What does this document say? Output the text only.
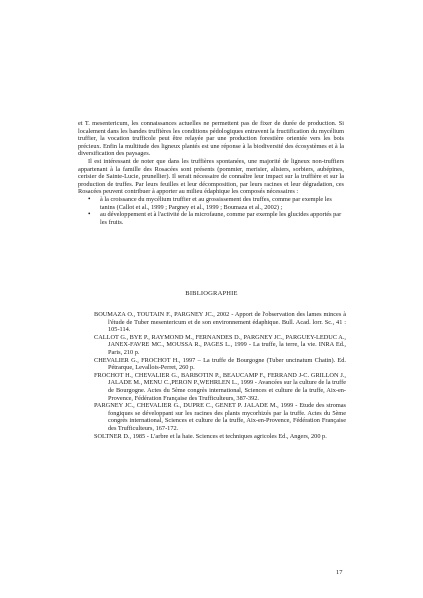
et T. mesentericum, les connaissances actuelles ne permettent pas de fixer de durée de production. Si localement dans les bandes truffières les conditions pédologiques entravent la fructification du mycélium truffier, la vocation trufficole peut être relayée par une production forestière orientée vers les bois précieux. Enfin la multitude des ligneux plantés est une réponse à la biodiversité des écosystèmes et à la diversification des paysages.

Il est intéressant de noter que dans les truffières spontanées, une majorité de ligneux non-truffiers appartenant à la famille des Rosacées sont présents (pommier, merisier, alisiers, sorbiers, aubépines, cerisier de Sainte-Lucie, prunellier). Il serait nécessaire de connaître leur impact sur la truffière et sur la production de truffes. Par leurs feuilles et leur décomposition, par leurs racines et leur dégradation, ces Rosacées peuvent contribuer à apporter au milieu édaphique les composés nécessaires :

• à la croissance du mycélium truffier et au grossissement des truffes, comme par exemple les tanins (Callot et al., 1999 ; Pargney et al., 1999 ; Boumaza et al., 2002) ;
• au développement et à l'activité de la microfaune, comme par exemple les glucides apportés par les fruits.
BIBLIOGRAPHIE

BOUMAZA O., TOUTAIN F., PARGNEY JC., 2002 - Apport de l'observation des lames minces à l'étude de Tuber mesentericum et de son environnement édaphique. Bull. Acad. lorr. Sc., 41 : 105-114.

CALLOT G., BYE P., RAYMOND M., FERNANDES D., PARGNEY JC., PARGUEY-LEDUC A., JANEX-FAVRE MC., MOUSSA R., PAGES L., 1999 - La truffe, la terre, la vie. INRA Ed., Paris, 210 p.

CHEVALIER G., FROCHOT H., 1997 – La truffe de Bourgogne (Tuber uncinatum Chatin). Ed. Pétrarque, Levallois-Perret, 260 p.

FROCHOT H., CHEVALIER G., BARBOTIN P., BEAUCAMP F., FERRAND J-C. GRILLON J., JALADE M., MENU C.,PERON P.,WEHRLEN L., 1999 - Avancées sur la culture de la truffe de Bourgogne. Actes du 5ème congrès international, Sciences et culture de la truffe, Aix-en-Provence, Fédération Française des Trufficulteurs, 387-392.

PARGNEY JC., CHEVALIER G., DUPRE C., GENET P. JALADE M., 1999 - Etude des stromas fongiques se développant sur les racines des plants mycorhizés par la truffe. Actes du 5ème congrès international, Sciences et culture de la truffe, Aix-en-Provence, Fédération Française des Trufficulteurs, 167-172.

SOLTNER D., 1985 - L'arbre et la haie. Sciences et techniques agricoles Ed., Angers, 200 p.

17
